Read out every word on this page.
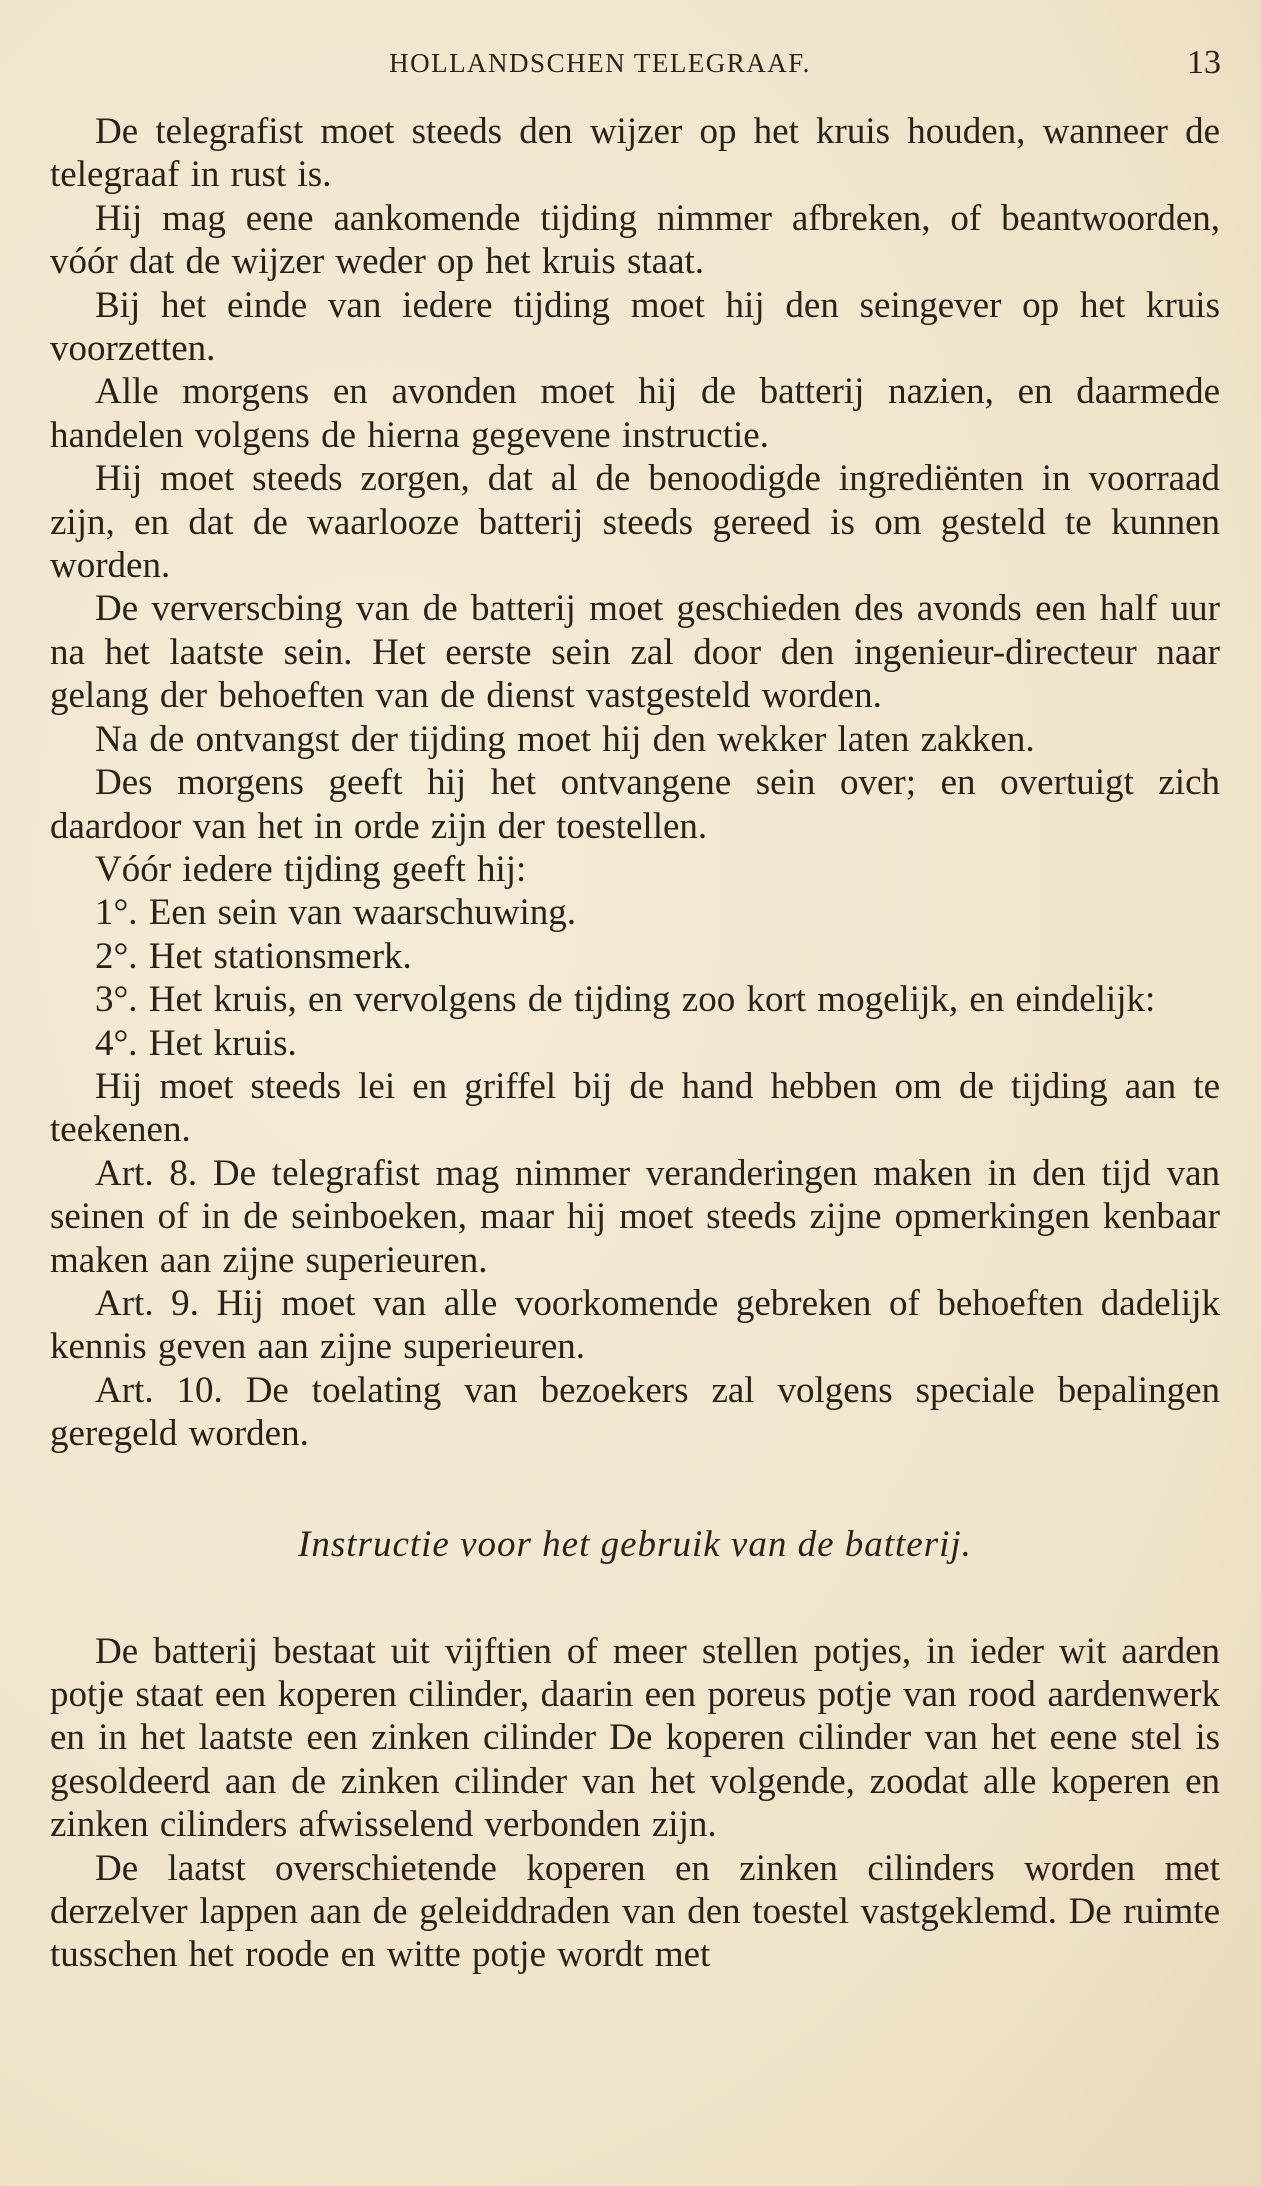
HOLLANDSCHEN TELEGRAAF.	13

De telegrafist moet steeds den wijzer op het kruis houden, wanneer de telegraaf in rust is.

Hij mag eene aankomende tijding nimmer afbreken, of beantwoorden, vóór dat de wijzer weder op het kruis staat.

Bij het einde van iedere tijding moet hij den seingever op het kruis voorzetten.

Alle morgens en avonden moet hij de batterij nazien, en daarmede handelen volgens de hierna gegevene instructie.

Hij moet steeds zorgen, dat al de benoodigde ingrediënten in voorraad zijn, en dat de waarlooze batterij steeds gereed is om gesteld te kunnen worden.

De ververscbing van de batterij moet geschieden des avonds een half uur na het laatste sein. Het eerste sein zal door den ingenieur-directeur naar gelang der behoeften van de dienst vastgesteld worden.

Na de ontvangst der tijding moet hij den wekker laten zakken.

Des morgens geeft hij het ontvangene sein over; en overtuigt zich daardoor van het in orde zijn der toestellen.

Vóór iedere tijding geeft hij:

1°. Een sein van waarschuwing.

2°. Het stationsmerk.

3°. Het kruis, en vervolgens de tijding zoo kort mogelijk, en eindelijk:

4°. Het kruis.

Hij moet steeds lei en griffel bij de hand hebben om de tijding aan te teekenen.

Art. 8. De telegrafist mag nimmer veranderingen maken in den tijd van seinen of in de seinboeken, maar hij moet steeds zijne opmerkingen kenbaar maken aan zijne superieuren.

Art. 9. Hij moet van alle voorkomende gebreken of behoeften dadelijk kennis geven aan zijne superieuren.

Art. 10. De toelating van bezoekers zal volgens speciale bepalingen geregeld worden.

Instructie voor het gebruik van de batterij.

De batterij bestaat uit vijftien of meer stellen potjes, in ieder wit aarden potje staat een koperen cilinder, daarin een poreus potje van rood aardenwerk en in het laatste een zinken cilinder De koperen cilinder van het eene stel is gesoldeerd aan de zinken cilinder van het volgende, zoodat alle koperen en zinken cilinders afwisselend verbonden zijn.

De laatst overschietende koperen en zinken cilinders worden met derzelver lappen aan de geleiddraden van den toestel vastgeklemd. De ruimte tusschen het roode en witte potje wordt met
